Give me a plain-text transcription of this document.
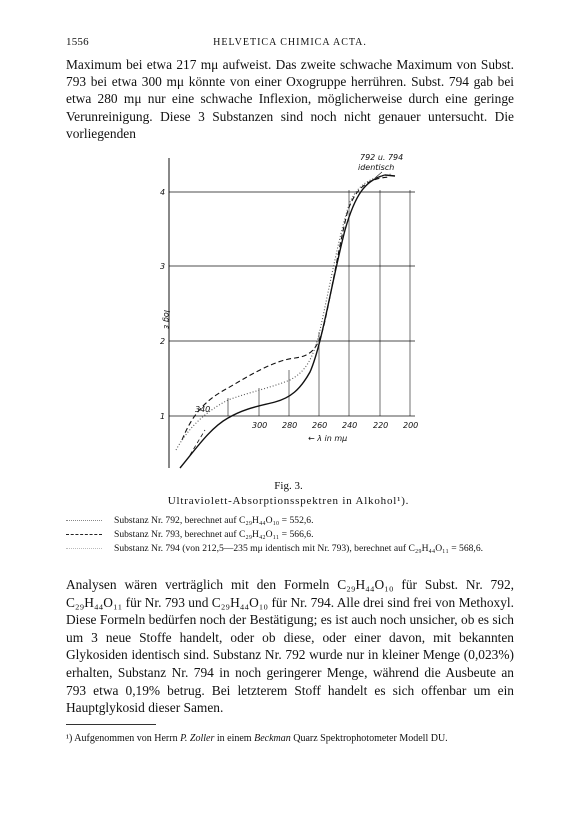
1556	HELVETICA CHIMICA ACTA.

Maximum bei etwa 217 mμ aufweist. Das zweite schwache Maximum von Subst. 793 bei etwa 300 mμ könnte von einer Oxogruppe herrühren. Subst. 794 gab bei etwa 280 mμ nur eine schwache Inflexion, möglicherweise durch eine geringe Verunreinigung. Diese 3 Substanzen sind noch nicht genauer untersucht. Die vorliegenden

4
3
2
1
log ε
340
300 280 260 240 220 200
← λ in mμ
792 u. 794
identisch
Fig. 3.
Ultraviolett-Absorptionsspektren in Alkohol¹).
Substanz Nr. 792, berechnet auf C₂₉H₄₄O₁₀ = 552,6.
Substanz Nr. 793, berechnet auf C₂₉H₄₂O₁₁ = 566,6.
Substanz Nr. 794 (von 212,5—235 mμ identisch mit Nr. 793), berechnet auf C₂₉H₄₄O₁₁ = 568,6.

Analysen wären verträglich mit den Formeln C₂₉H₄₄O₁₀ für Subst. Nr. 792, C₂₉H₄₄O₁₁ für Nr. 793 und C₂₉H₄₄O₁₀ für Nr. 794. Alle drei sind frei von Methoxyl. Diese Formeln bedürfen noch der Bestätigung; es ist auch noch unsicher, ob es sich um 3 neue Stoffe handelt, oder ob diese, oder einer davon, mit bekannten Glykosiden identisch sind. Substanz Nr. 792 wurde nur in kleiner Menge (0,023%) erhalten, Substanz Nr. 794 in noch geringerer Menge, während die Ausbeute an 793 etwa 0,19% betrug. Bei letzterem Stoff handelt es sich offenbar um ein Hauptglykosid dieser Samen.

¹) Aufgenommen von Herrn P. Zoller in einem Beckman Quarz Spektrophotometer Modell DU.
